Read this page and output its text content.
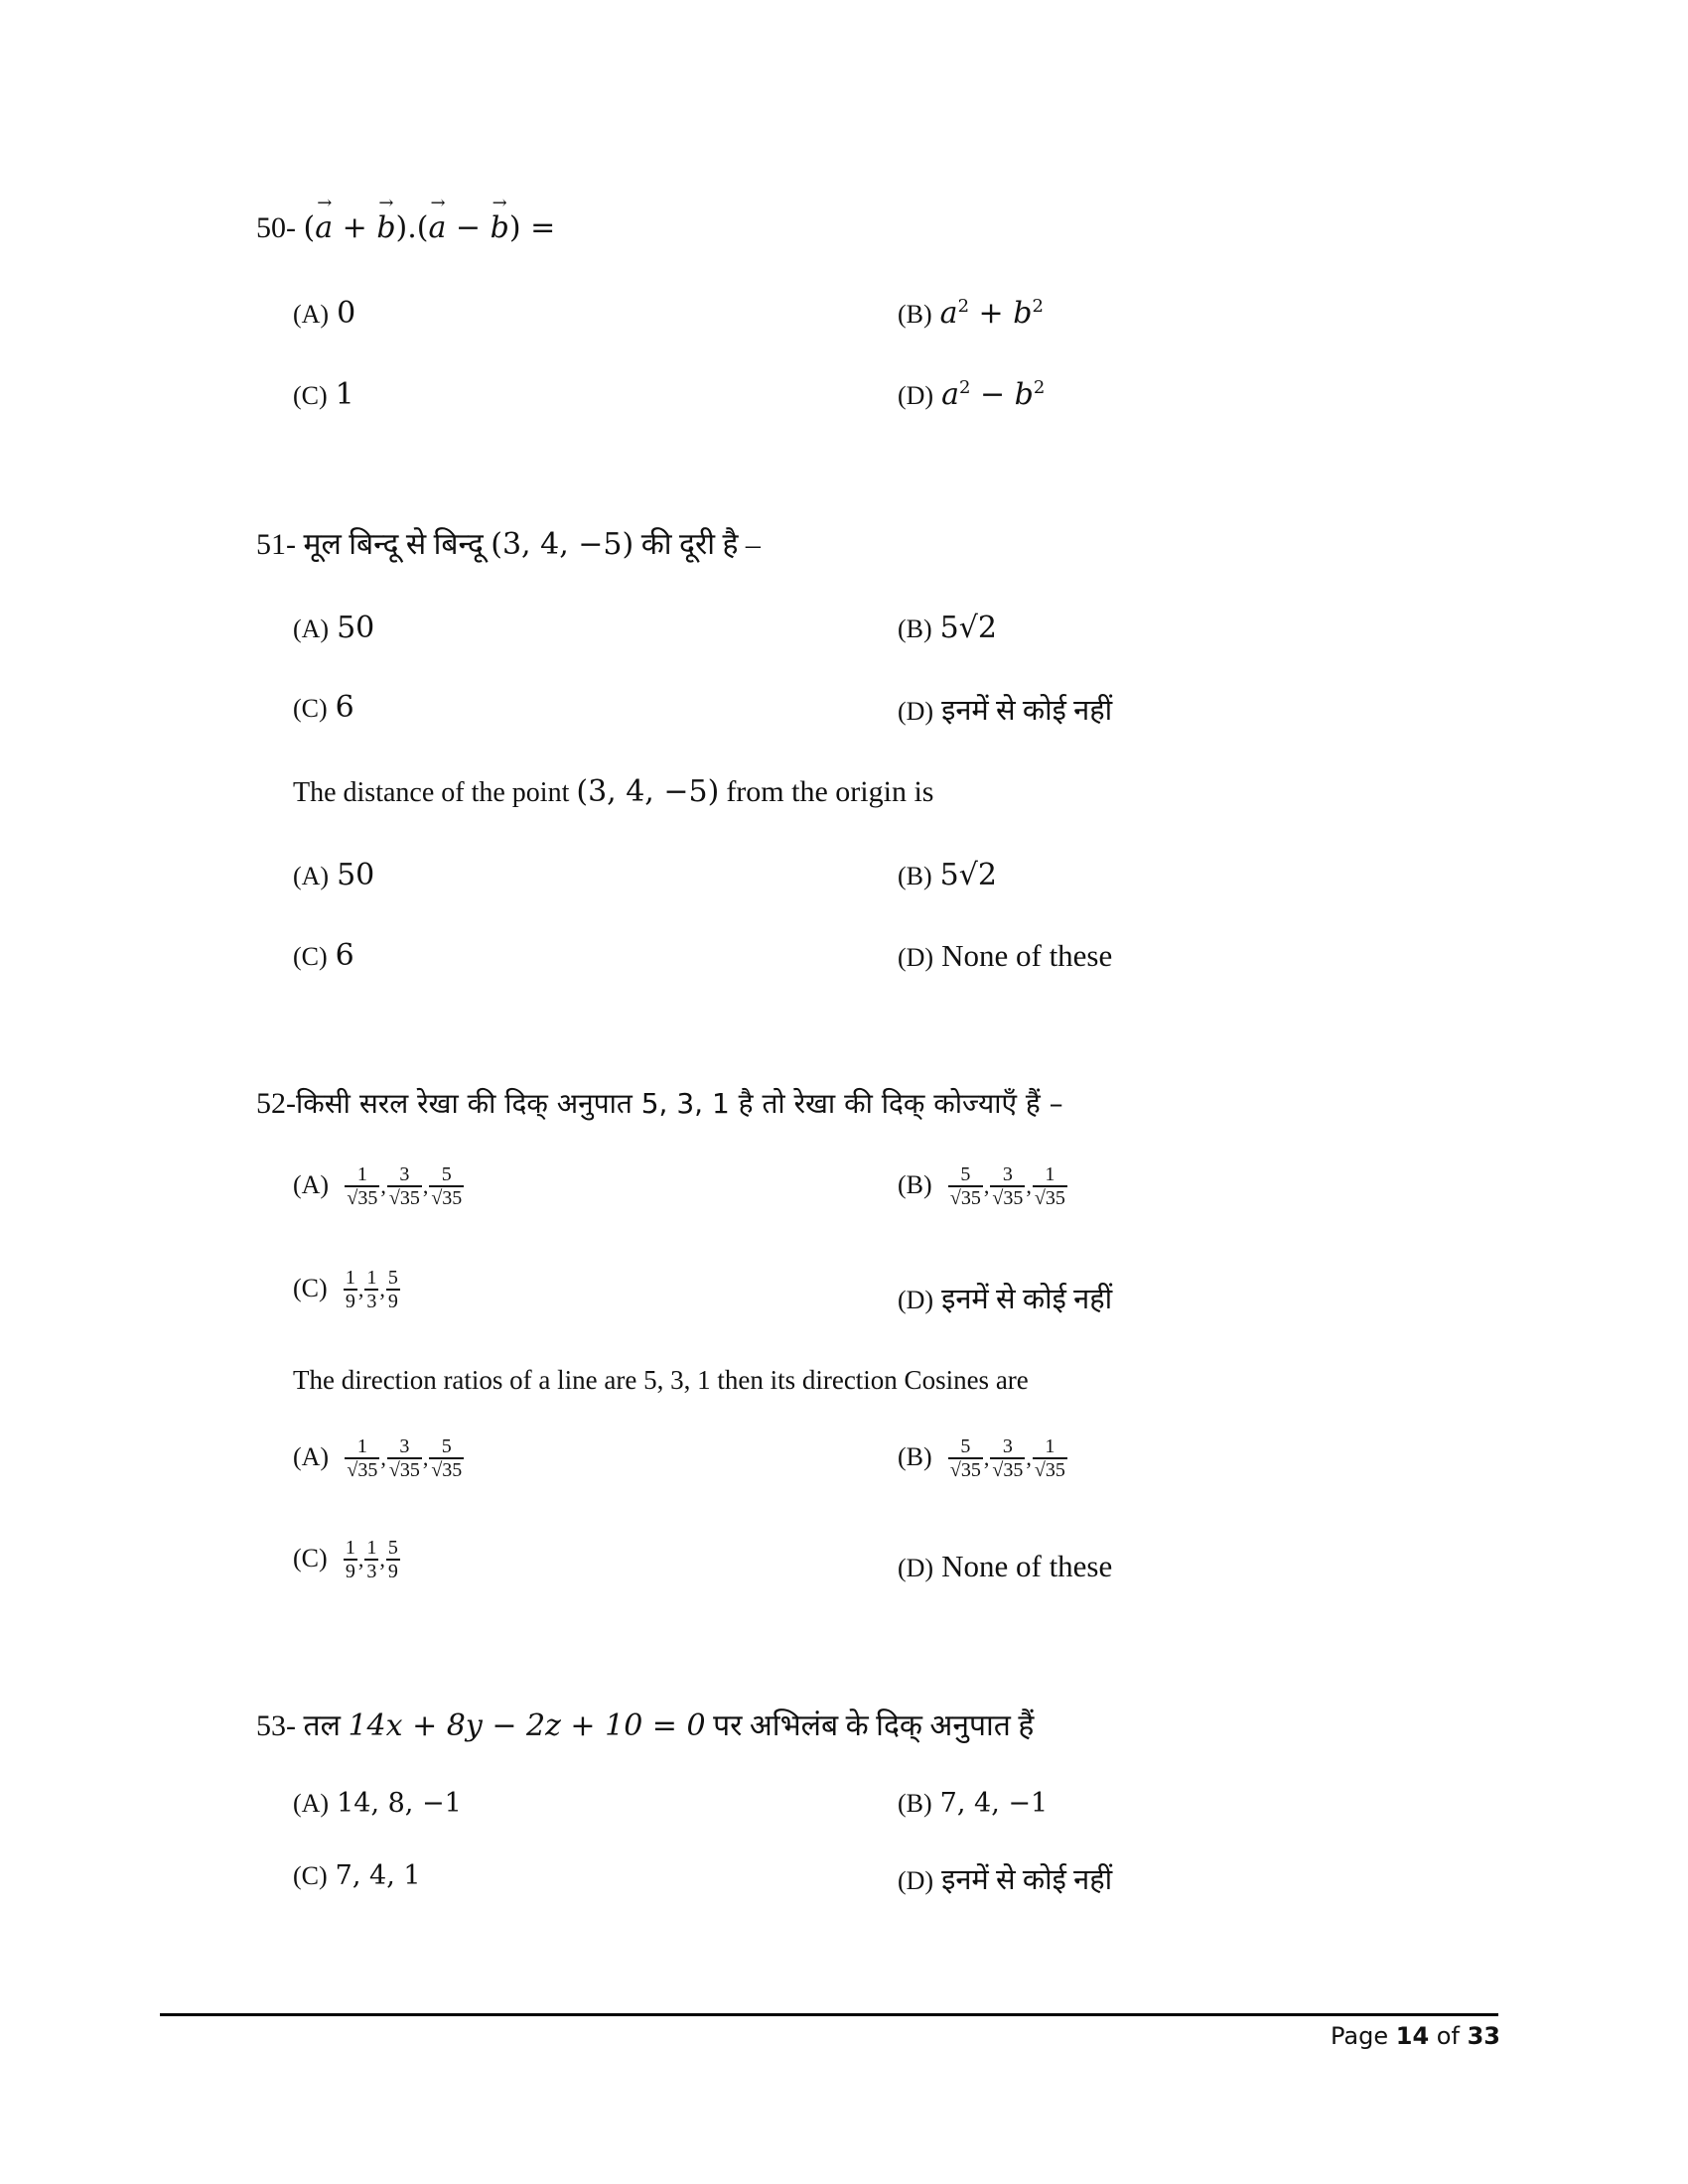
50- (→ a + → b).(→ a − → b) =
(A) 0	(B) $a^2 + b^2$
(C) 1	(D) $a^2 - b^2$
51- मूल बिन्दू से बिन्दू (3, 4, −5) की दूरी है –
(A) 50	(B) 5√2
(C) 6	(D) इनमें से कोई नहीं
The distance of the point (3, 4, −5) from the origin is
(A) 50	(B) 5√2
(C) 6	(D) None of these
52-किसी सरल रेखा की दिक् अनुपात 5, 3, 1 है तो रेखा की दिक् कोज्याएँ हैं –
$(A) \frac{1}{√35}$ , $\frac{3}{√35}$ , $\frac{5}{√35}$	$(B) \frac{5}{√35}$ , $\frac{3}{√35}$ , $\frac{1}{√35}$
$(C) \frac{1}{9}$ , $\frac{1}{3}$ , $\frac{5}{9}$	(D) इनमें से कोई नहीं
The direction ratios of a line are 5, 3, 1 then its direction Cosines are
$(A) \frac{1}{√35}$ , $\frac{3}{√35}$ , $\frac{5}{√35}$	$(B) \frac{5}{√35}$ , $\frac{3}{√35}$ , $\frac{1}{√35}$
$(C) \frac{1}{9}$ , $\frac{1}{3}$ , $\frac{5}{9}$	(D) None of these
53- तल 14x + 8y − 2z + 10 = 0 पर अभिलंब के दिक् अनुपात हैं
(A) 14, 8, −1	(B) 7, 4, −1
(C) 7, 4, 1	(D) इनमें से कोई नहीं
Page 14 of 33
